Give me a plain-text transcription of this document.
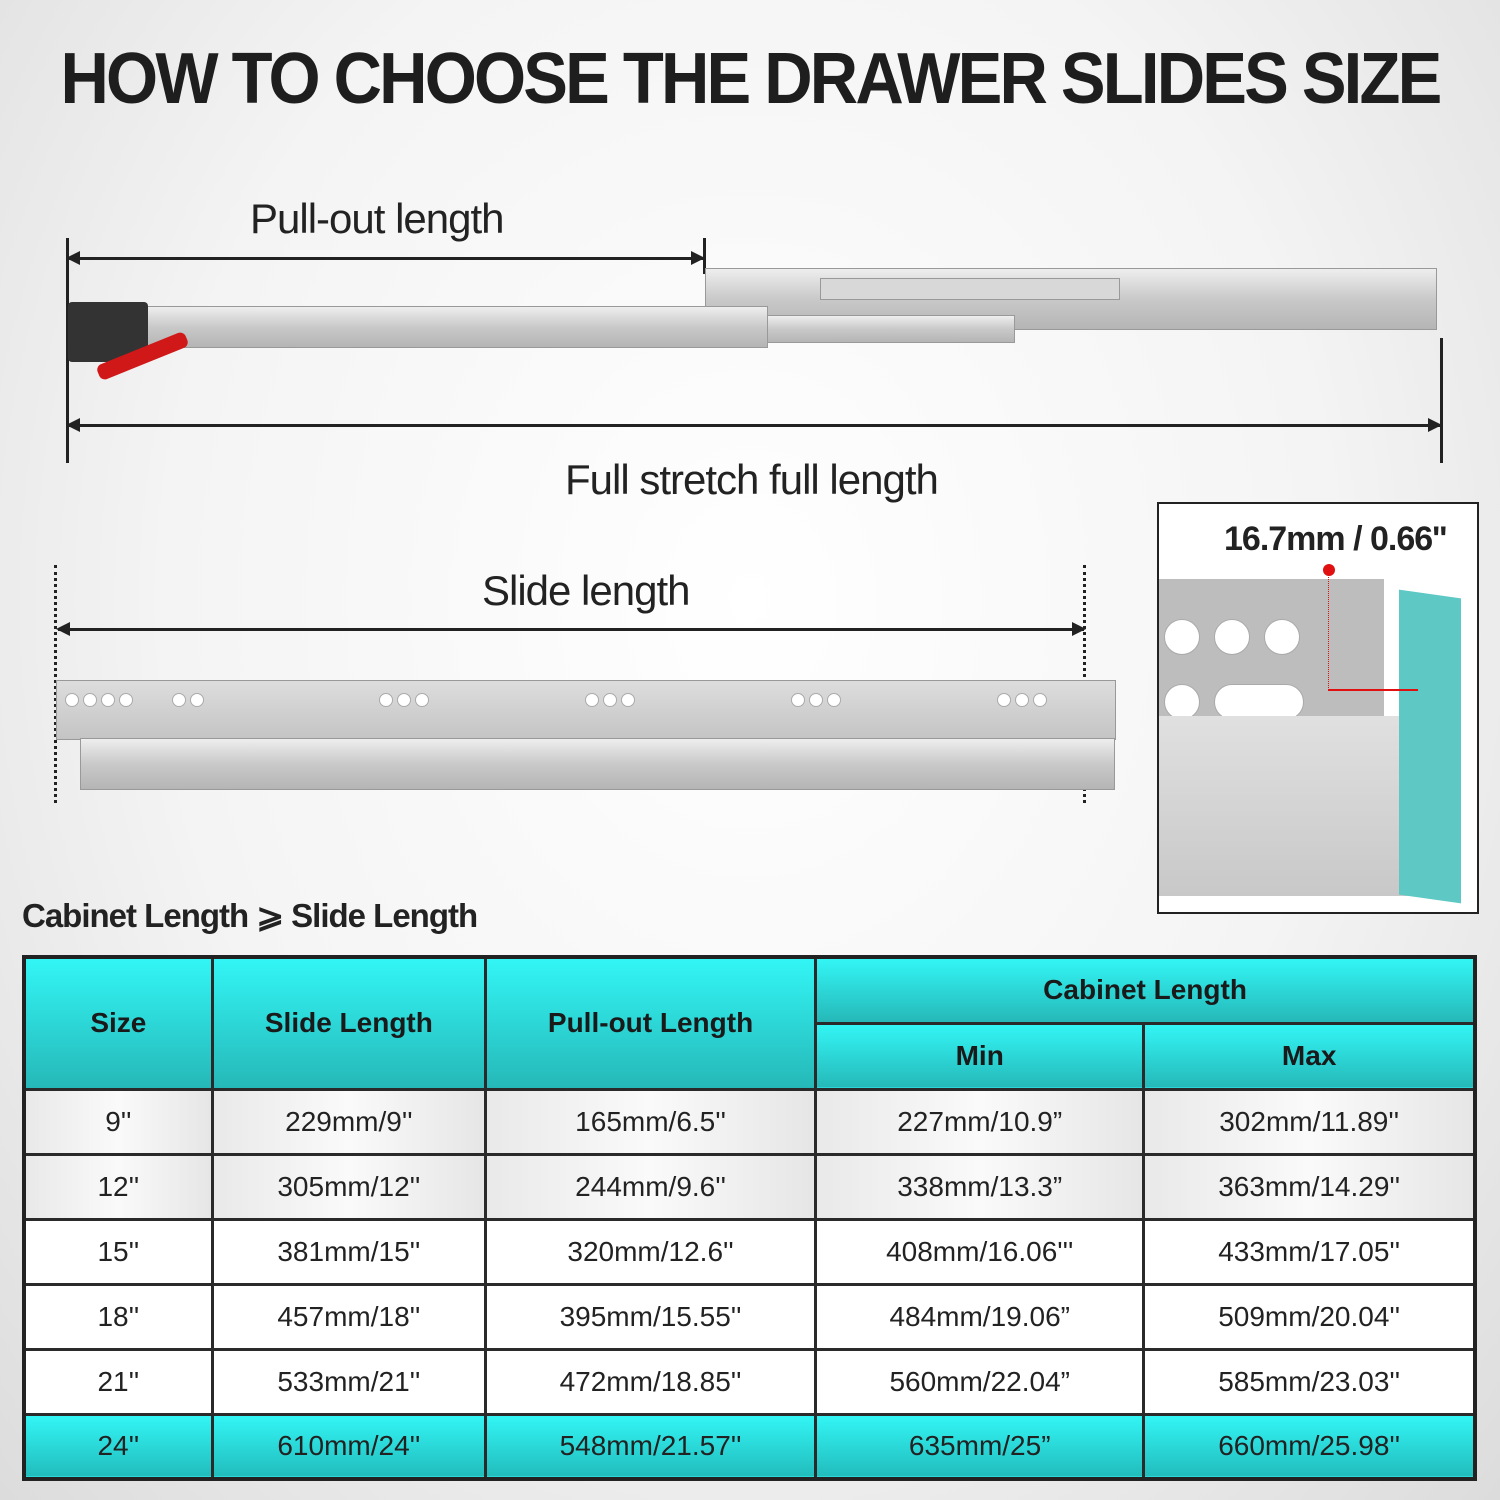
HOW TO CHOOSE THE DRAWER SLIDES SIZE
Pull-out length
Full stretch full length
Slide length
16.7mm / 0.66''
Cabinet Length ⩾ Slide Length
Size	Slide Length	Pull-out Length	Cabinet Length	
			Min	Max
9''	229mm/9''	165mm/6.5''	227mm/10.9”	302mm/11.89''
12''	305mm/12''	244mm/9.6''	338mm/13.3”	363mm/14.29''
15''	381mm/15''	320mm/12.6''	408mm/16.06'''	433mm/17.05''
18''	457mm/18''	395mm/15.55''	484mm/19.06”	509mm/20.04''
21''	533mm/21''	472mm/18.85''	560mm/22.04”	585mm/23.03''
24''	610mm/24''	548mm/21.57''	635mm/25”	660mm/25.98''
